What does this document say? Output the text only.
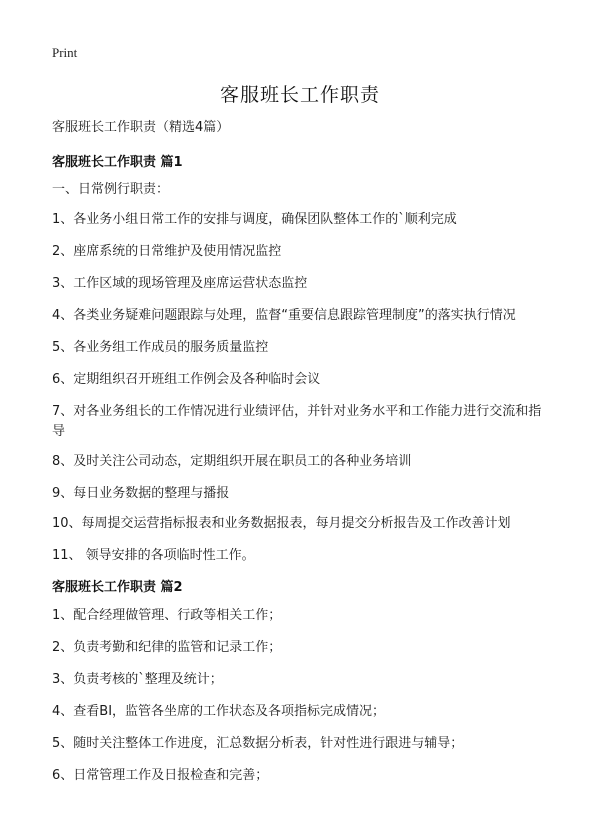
Print
客服班长工作职责
客服班长工作职责（精选4篇）
客服班长工作职责 篇1
一、日常例行职责：
1、各业务小组日常工作的安排与调度，确保团队整体工作的`顺利完成
2、座席系统的日常维护及使用情况监控
3、工作区域的现场管理及座席运营状态监控
4、各类业务疑难问题跟踪与处理，监督“重要信息跟踪管理制度”的落实执行情况
5、各业务组工作成员的服务质量监控
6、定期组织召开班组工作例会及各种临时会议
7、对各业务组长的工作情况进行业绩评估，并针对业务水平和工作能力进行交流和指导
8、及时关注公司动态，定期组织开展在职员工的各种业务培训
9、每日业务数据的整理与播报
10、每周提交运营指标报表和业务数据报表，每月提交分析报告及工作改善计划
11、 领导安排的各项临时性工作。
客服班长工作职责 篇2
1、配合经理做管理、行政等相关工作；
2、负责考勤和纪律的监管和记录工作；
3、负责考核的`整理及统计；
4、查看BI，监管各坐席的工作状态及各项指标完成情况；
5、随时关注整体工作进度，汇总数据分析表，针对性进行跟进与辅导；
6、日常管理工作及日报检查和完善；
